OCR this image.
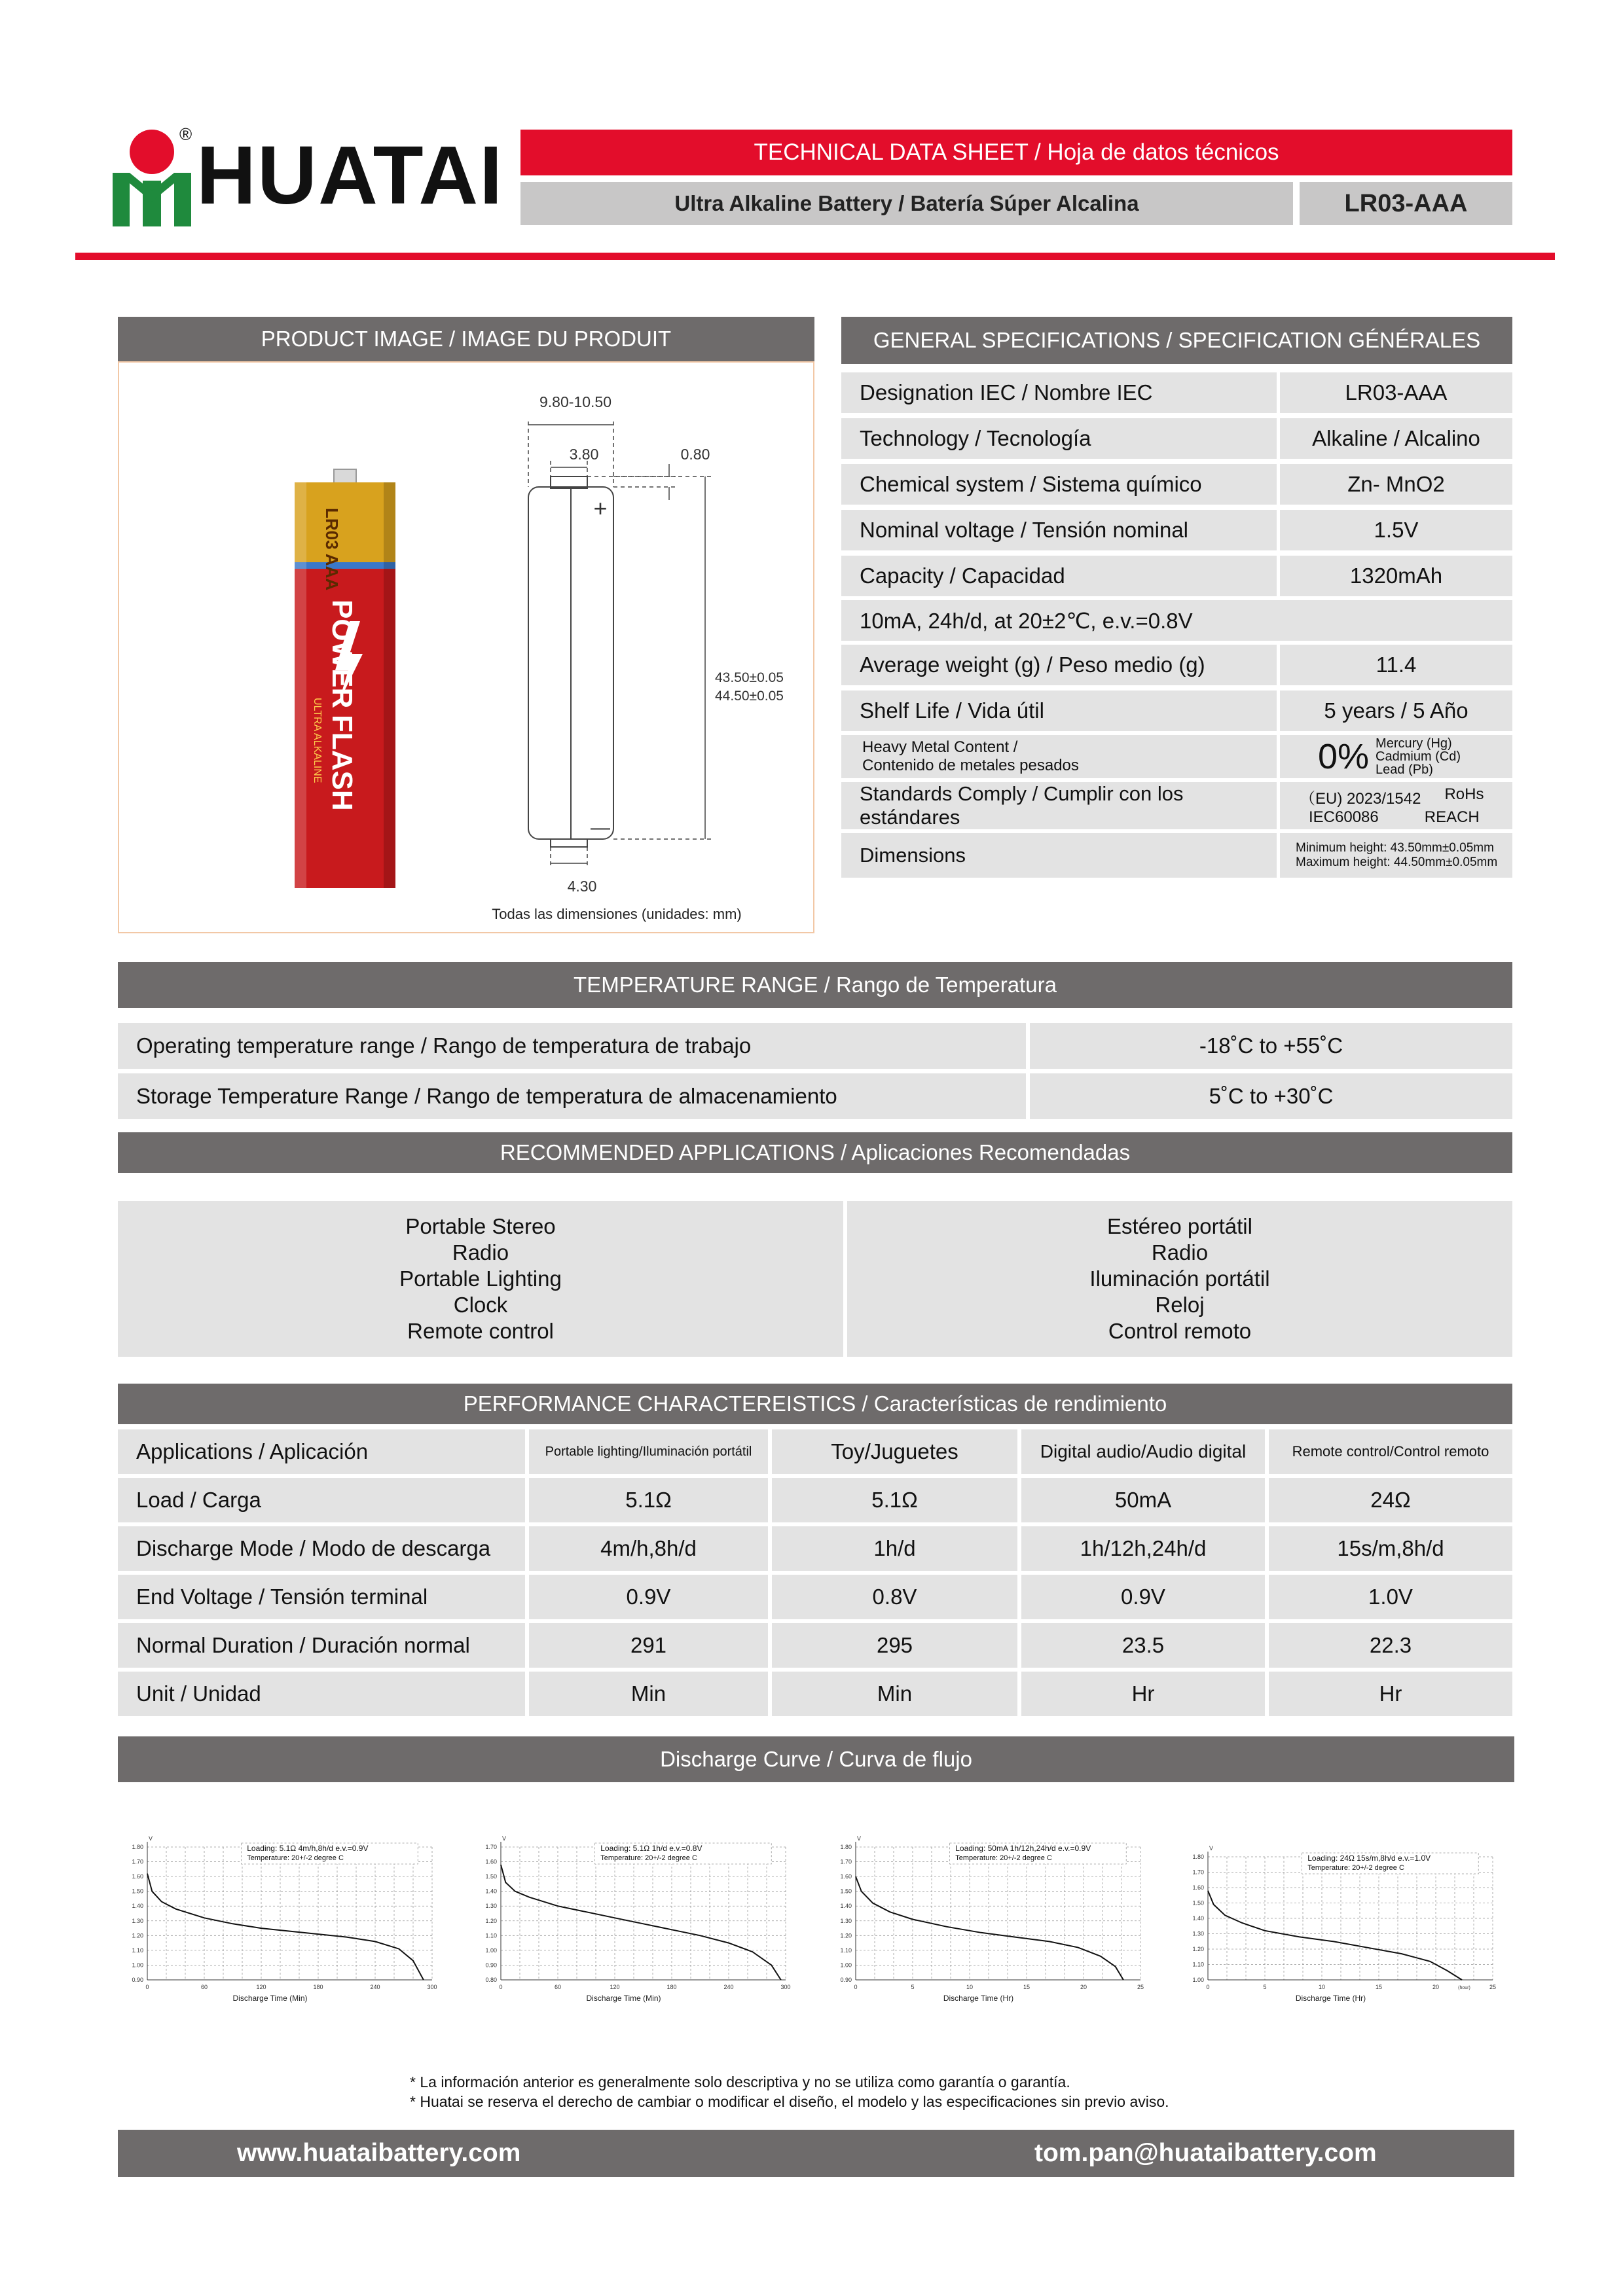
® HUATAI	TECHNICAL DATA SHEET / Hoja de datos técnicos
Ultra Alkaline Battery / Batería Súper Alcalina	LR03-AAA
PRODUCT IMAGE / IMAGE DU PRODUIT
LR03 AAA
POWER
FLASH
ULTRA ALKALINE
+
—
9.80-10.50
3.80	0.80
43.50±0.05
44.50±0.05
4.30
Todas las dimensiones (unidades: mm)
GENERAL SPECIFICATIONS / SPECIFICATION GÉNÉRALES
Designation IEC / Nombre IEC	LR03-AAA
Technology / Tecnología	Alkaline / Alcalino
Chemical system / Sistema químico	Zn- MnO2
Nominal voltage / Tensión nominal	1.5V
Capacity / Capacidad	1320mAh
10mA, 24h/d, at 20±2℃, e.v.=0.8V
Average weight (g) / Peso medio (g)	11.4
Shelf Life / Vida útil	5 years / 5 Año
Heavy Metal Content /
Contenido de metales pesados	0% Mercury (Hg)
Cadmium (Cd)
Lead (Pb)
Standards Comply / Cumplir con los estándares
（EU) 2023/1542 RoHs
IEC60086	REACH
Dimensions	Minimum height: 43.50mm±0.05mm
Maximum height: 44.50mm±0.05mm
TEMPERATURE RANGE / Rango de Temperatura
Operating temperature range / Rango de temperatura de trabajo	-18˚C to +55˚C
Storage Temperature Range / Rango de temperatura de almacenamiento	5˚C to +30˚C
RECOMMENDED APPLICATIONS / Aplicaciones Recomendadas
Portable Stereo
Radio
Portable Lighting
Clock
Remote control
Estéreo portátil
Radio
Iluminación portátil
Reloj
Control remoto
PERFORMANCE CHARACTEREISTICS / Características de rendimiento
Applications / Aplicación	Portable lighting/Iluminación portátil	Toy/Juguetes	Digital audio/Audio digital	Remote control/Control remoto
Load / Carga	5.1Ω	5.1Ω	50mA	24Ω
Discharge Mode / Modo de descarga	4m/h,8h/d	1h/d	1h/12h,24h/d	15s/m,8h/d
End Voltage / Tensión terminal	0.9V	0.8V	0.9V	1.0V
Normal Duration / Duración normal	291	295	23.5	22.3
Unit / Unidad	Min	Min	Hr	Hr
Discharge Curve / Curva de flujo
0.90
1.00
1.10
1.20
1.30
1.40
1.50
1.60
1.70
1.80
V
0	60	120	180	240	300
Discharge Time (Min)
Loading: 5.1Ω 4m/h,8h/d e.v.=0.9V
Temperature: 20+/-2 degree C
0.80
0.90
1.00
1.10
1.20
1.30
1.40
1.50
1.60
1.70
V
0	60	120	180	240	300
Discharge Time (Min)
Loading: 5.1Ω 1h/d e.v.=0.8V
Temperature: 20+/-2 degree C
0.90
1.00
1.10
1.20
1.30
1.40
1.50
1.60
1.70
1.80
V
0	5	10	15	20	25
Discharge Time (Hr)
Loading: 50mA 1h/12h,24h/d e.v.=0.9V
Temperature: 20+/-2 degree C
1.00
1.10
1.20
1.30
1.40
1.50
1.60
1.70
1.80
V
0	5	10	15	20	25
(hour)
Discharge Time (Hr)
Loading: 24Ω 15s/m,8h/d e.v.=1.0V
Temperature: 20+/-2 degree C
* La información anterior es generalmente solo descriptiva y no se utiliza como garantía o garantía.
* Huatai se reserva el derecho de cambiar o modificar el diseño, el modelo y las especificaciones sin previo aviso.
www.huataibattery.com	tom.pan@huataibattery.com
